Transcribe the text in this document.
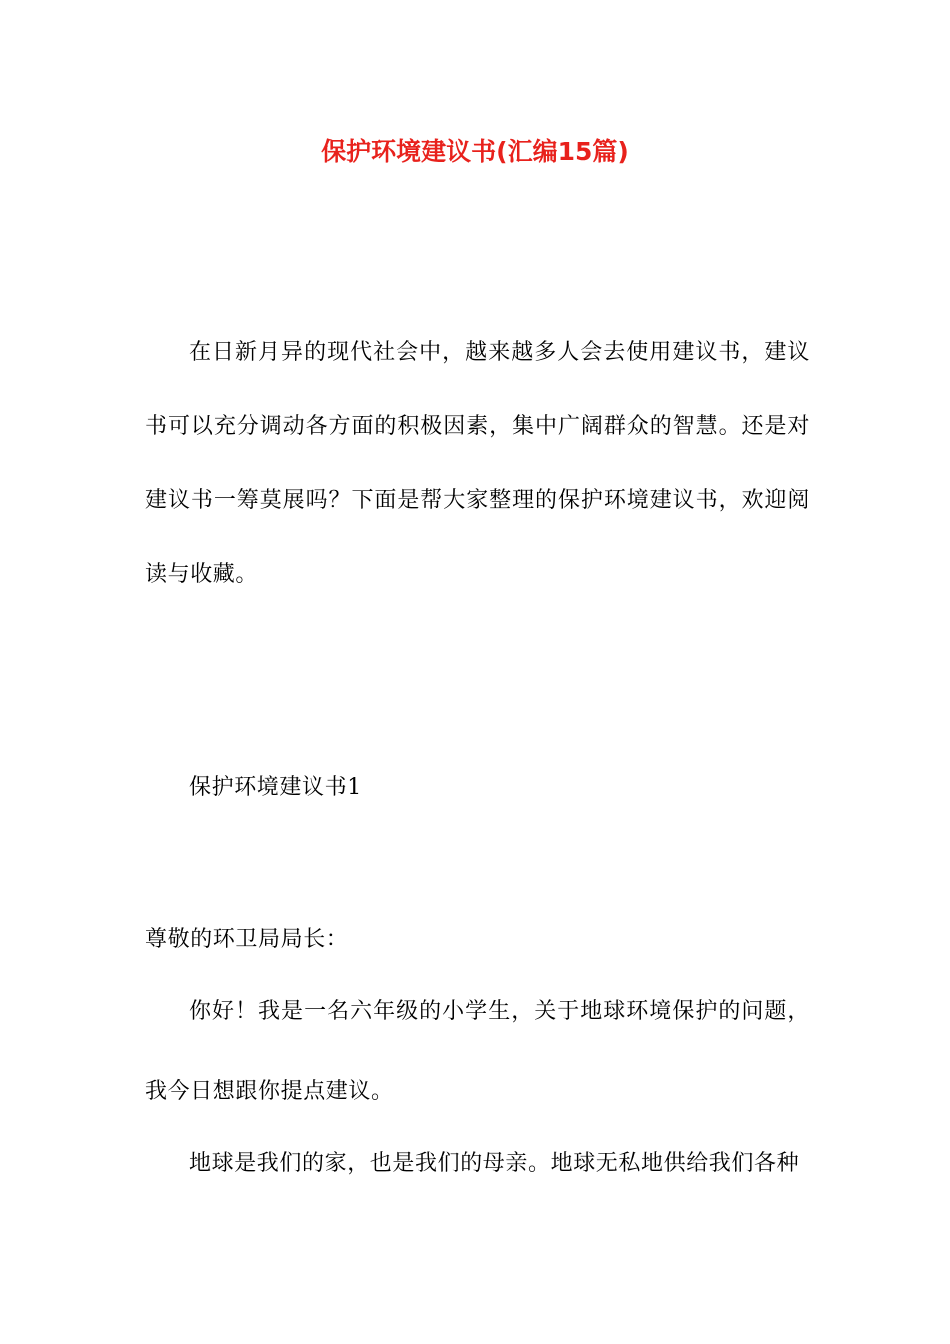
保护环境建议书(汇编15篇)

在日新月异的现代社会中，越来越多人会去使用建议书，建议书可以充分调动各方面的积极因素，集中广阔群众的智慧。还是对建议书一筹莫展吗？下面是帮大家整理的保护环境建议书，欢迎阅读与收藏。

保护环境建议书1

尊敬的环卫局局长：

你好！我是一名六年级的小学生，关于地球环境保护的问题，我今日想跟你提点建议。

地球是我们的家，也是我们的母亲。地球无私地供给我们各种
